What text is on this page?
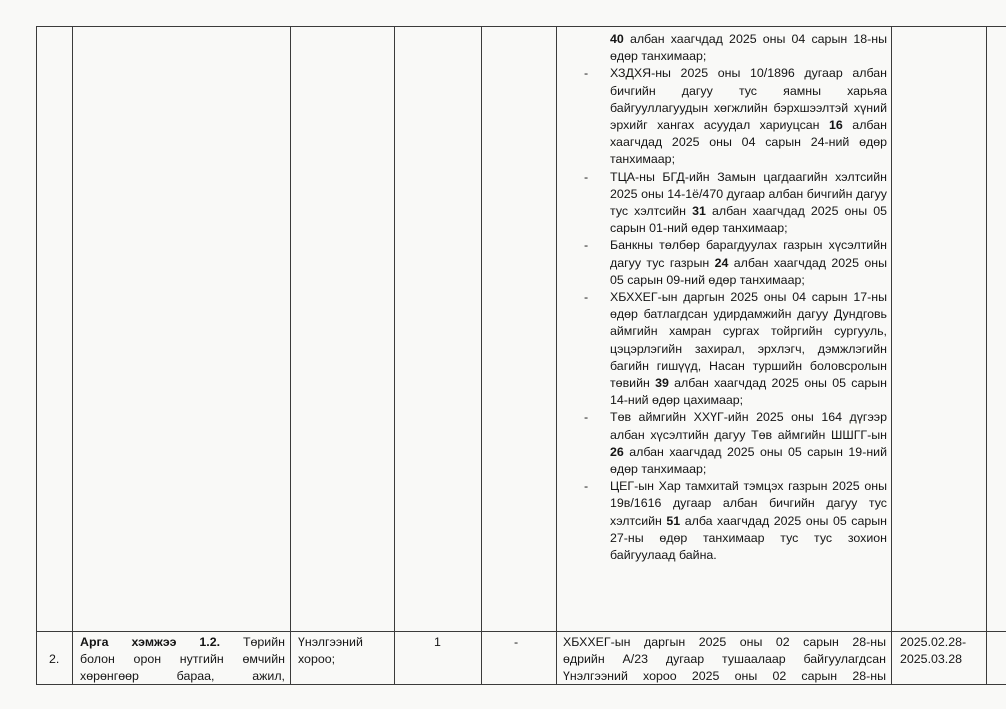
40 албан хаагчдад 2025 оны 04 сарын 18-ны өдөр танхимаар;
- ХЗДХЯ-ны 2025 оны 10/1896 дугаар албан бичгийн дагуу тус яамны харьяа байгууллагуудын хөгжлийн бэрхшээлтэй хүний эрхийг хангах асуудал хариуцсан 16 албан хаагчдад 2025 оны 04 сарын 24-ний өдөр танхимаар;
- ТЦА-ны БГД-ийн Замын цагдаагийн хэлтсийн 2025 оны 14-1ё/470 дугаар албан бичгийн дагуу тус хэлтсийн 31 албан хаагчдад 2025 оны 05 сарын 01-ний өдөр танхимаар;
- Банкны төлбөр барагдуулах газрын хүсэлтийн дагуу тус газрын 24 албан хаагчдад 2025 оны 05 сарын 09-ний өдөр танхимаар;
- ХБХХЕГ-ын даргын 2025 оны 04 сарын 17-ны өдөр батлагдсан удирдамжийн дагуу Дундговь аймгийн хамран сургах тойргийн сургууль, цэцэрлэгийн захирал, эрхлэгч, дэмжлэгийн багийн гишүүд, Насан туршийн боловсролын төвийн 39 албан хаагчдад 2025 оны 05 сарын 14-ний өдөр цахимаар;
- Төв аймгийн ХХҮГ-ийн 2025 оны 164 дүгээр албан хүсэлтийн дагуу Төв аймгийн ШШГГ-ын 26 албан хаагчдад 2025 оны 05 сарын 19-ний өдөр танхимаар;
- ЦЕГ-ын Хар тамхитай тэмцэх газрын 2025 оны 19в/1616 дугаар албан бичгийн дагуу тус хэлтсийн 51 алба хаагчдад 2025 оны 05 сарын 27-ны өдөр танхимаар тус тус зохион байгуулаад байна.
2.
Арга хэмжээ 1.2. Төрийн
болон орон нутгийн өмчийн
хөрөнгөөр бараа, ажил,
Үнэлгээний
хороо;
1	-	ХБХХЕГ-ын даргын 2025 оны 02 сарын 28-ны
өдрийн А/23 дугаар тушаалаар байгуулагдсан
Үнэлгээний хороо 2025 оны 02 сарын 28-ны
2025.02.28-
2025.03.28
